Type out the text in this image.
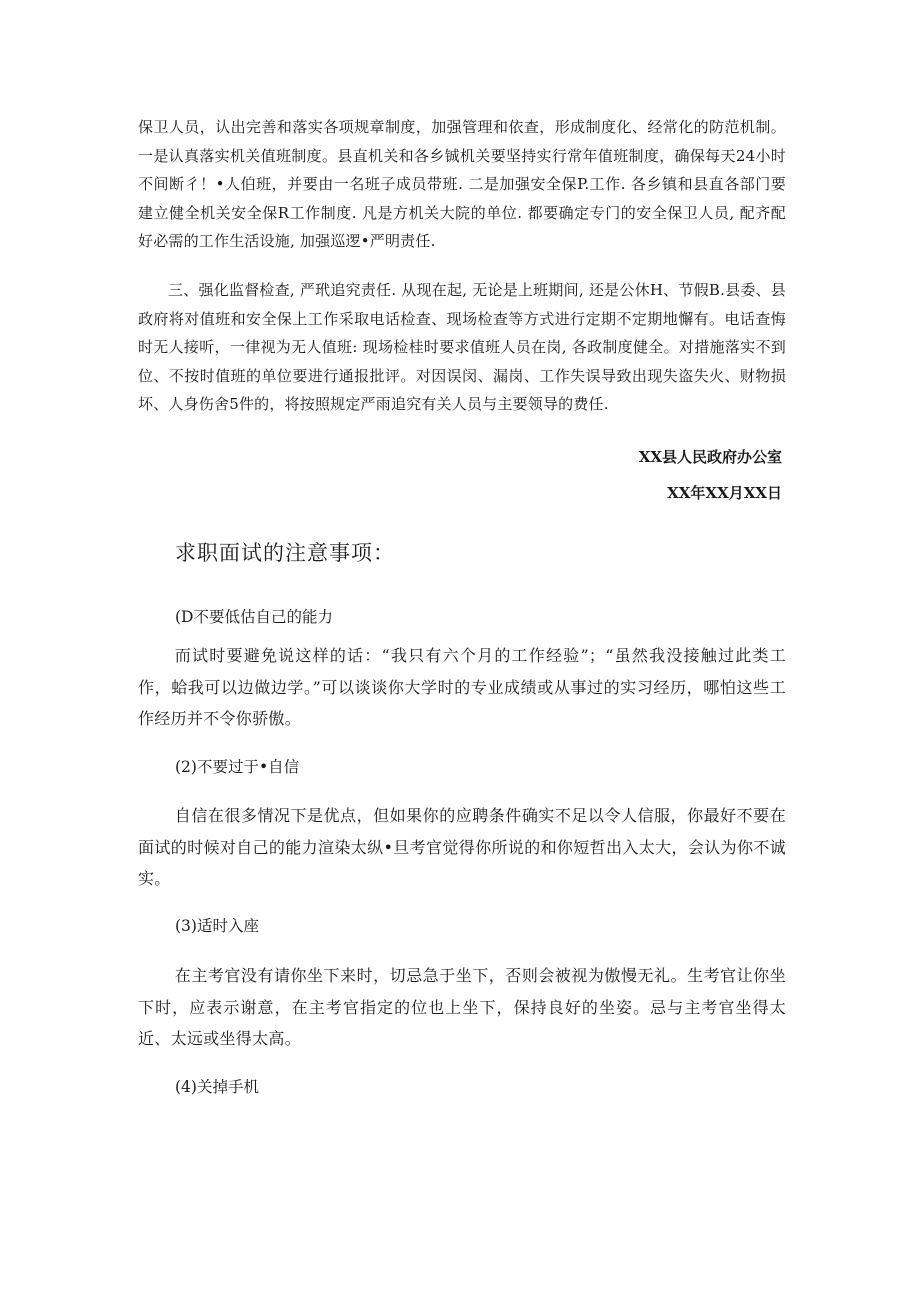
保卫人员，认出完善和落实各项规章制度，加强管理和依查，形成制度化、经常化的防范机制。一是认真落实机关值班制度。县直机关和各乡铖机关要坚持实行常年值班制度，确保每天24小时不间断彳！•人伯班，并要由一名班子成员带班. 二是加强安全保P.工作. 各乡镇和县直各部门要建立健全机关安全保R工作制度. 凡是方机关大院的单位. 都要确定专门的安全保卫人员, 配齐配好必需的工作生活设施, 加强巡逻•严明责任.

三、强化监督检查, 严玳追究责任. 从现在起, 无论是上班期间, 还是公休H、节假B.县委、县政府将对值班和安全保上工作采取电话检查、现场检查等方式进行定期不定期地懈有。电话查悔时无人接听，一律视为无人值班: 现场检桂时要求值班人员在岗, 各政制度健全。对措施落实不到位、不按时值班的单位要进行通报批评。对因误闵、漏岗、工作失误导致出现失盗失火、财物损坏、人身伤舍5件的，将按照规定严雨追究有关人员与主要领导的费任.

XX县人民政府办公室

XX年XX月XX日

求职面试的注意事项：

(D不要低估自己的能力

而试时要避免说这样的话：“我只有六个月的工作经验”；“虽然我没接触过此类工作，蛤我可以边做边学。”可以谈谈你大学时的专业成绩或从事过的实习经历，哪怕这些工作经历并不令你骄傲。

(2)不要过于•自信

自信在很多情况下是优点，但如果你的应聘条件确实不足以令人信服，你最好不要在面试的时候对自己的能力渲染太纵•旦考官觉得你所说的和你短哲出入太大，会认为你不诚实。

(3)适时入座

在主考官没有请你坐下来时，切忌急于坐下，否则会被视为傲慢无礼。生考官让你坐下时，应表示谢意，在主考官指定的位也上坐下，保持良好的坐姿。忌与主考官坐得太近、太远或坐得太高。

(4)关掉手机
